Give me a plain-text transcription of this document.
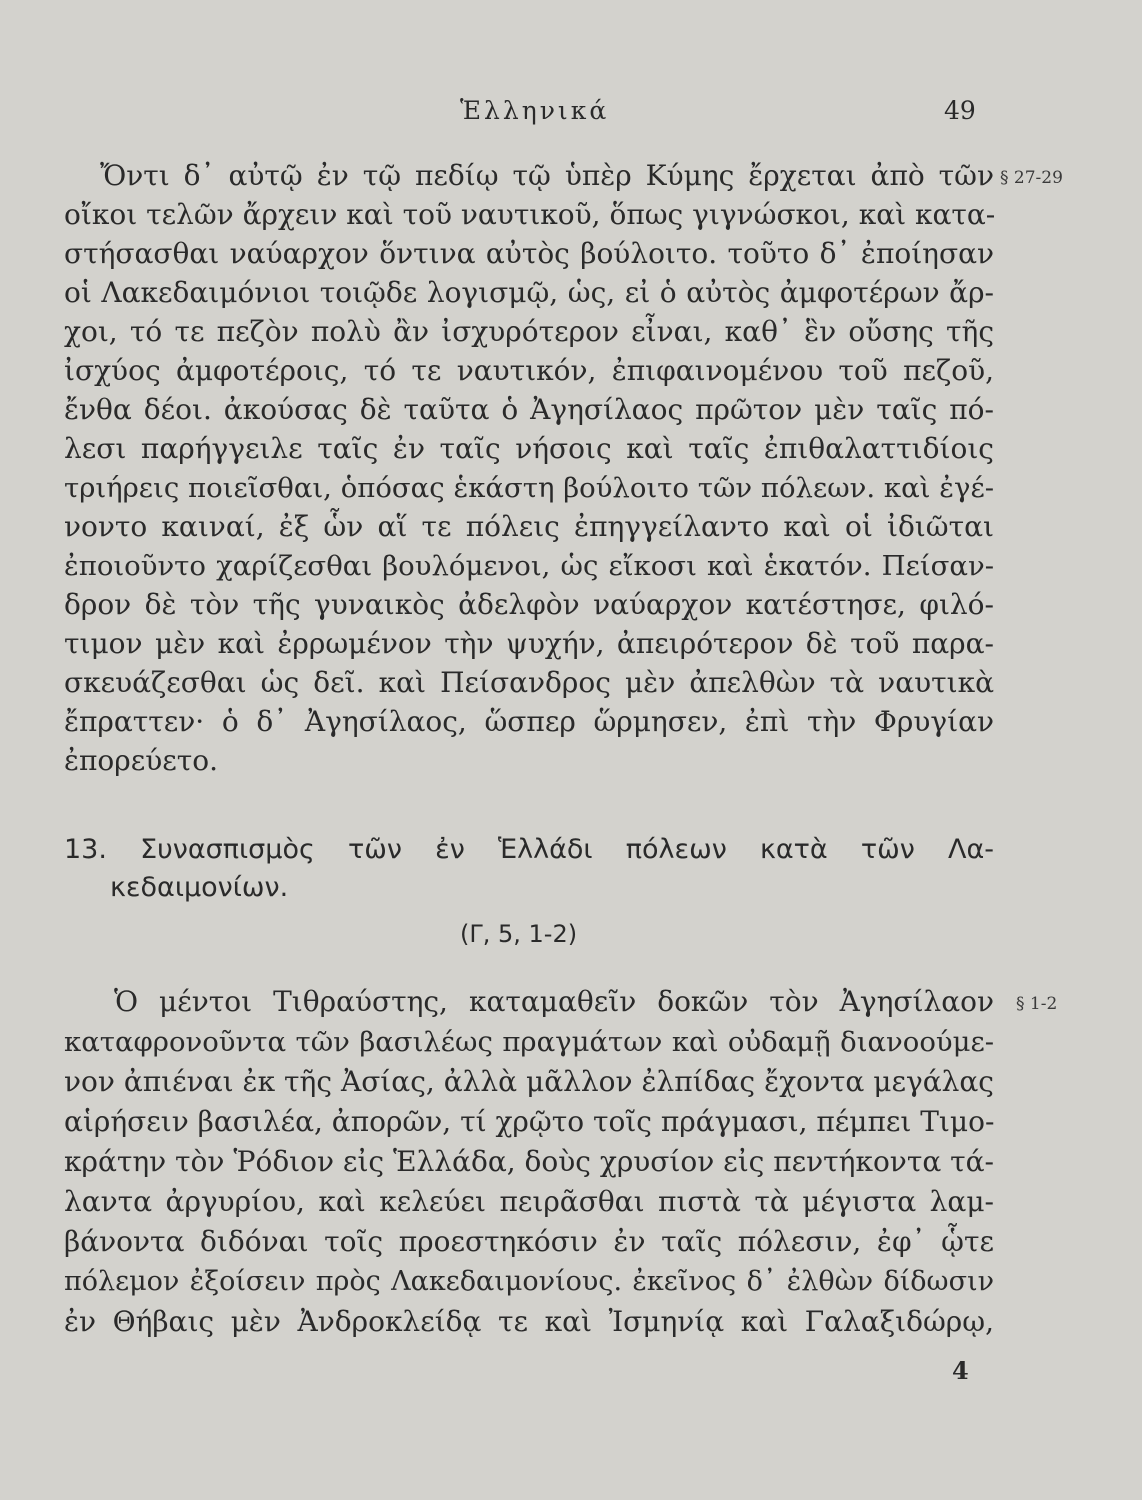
Ἑλληνικά	49
§ 27-29
Ὄντι δ᾽ αὐτῷ ἐν τῷ πεδίῳ τῷ ὑπὲρ Κύμης ἔρχεται ἀπὸ τῶν
οἴκοι τελῶν ἄρχειν καὶ τοῦ ναυτικοῦ, ὅπως γιγνώσκοι, καὶ κατα-
στήσασθαι ναύαρχον ὅντινα αὐτὸς βούλοιτο. τοῦτο δ᾽ ἐποίησαν
οἱ Λακεδαιμόνιοι τοιῷδε λογισμῷ, ὡς, εἰ ὁ αὐτὸς ἀμφοτέρων ἄρ-
χοι, τό τε πεζὸν πολὺ ἂν ἰσχυρότερον εἶναι, καθ᾽ ἓν οὔσης τῆς
ἰσχύος ἀμφοτέροις, τό τε ναυτικόν, ἐπιφαινομένου τοῦ πεζοῦ,
ἔνθα δέοι. ἀκούσας δὲ ταῦτα ὁ Ἀγησίλαος πρῶτον μὲν ταῖς πό-
λεσι παρήγγειλε ταῖς ἐν ταῖς νήσοις καὶ ταῖς ἐπιθαλαττιδίοις
τριήρεις ποιεῖσθαι, ὁπόσας ἑκάστη βούλοιτο τῶν πόλεων. καὶ ἐγέ-
νοντο καιναί, ἐξ ὧν αἵ τε πόλεις ἐπηγγείλαντο καὶ οἱ ἰδιῶται
ἐποιοῦντο χαρίζεσθαι βουλόμενοι, ὡς εἴκοσι καὶ ἑκατόν. Πείσαν-
δρον δὲ τὸν τῆς γυναικὸς ἀδελφὸν ναύαρχον κατέστησε, φιλό-
τιμον μὲν καὶ ἐρρωμένον τὴν ψυχήν, ἀπειρότερον δὲ τοῦ παρα-
σκευάζεσθαι ὡς δεῖ. καὶ Πείσανδρος μὲν ἀπελθὼν τὰ ναυτικὰ
ἔπραττεν· ὁ δ᾽ Ἀγησίλαος, ὥσπερ ὥρμησεν, ἐπὶ τὴν Φρυγίαν
ἐπορεύετο.
13. Συνασπισμὸς τῶν ἐν Ἑλλάδι πόλεων κατὰ τῶν Λα-
κεδαιμονίων.
(Γ, 5, 1-2)
§ 1-2
Ὁ μέντοι Τιθραύστης, καταμαθεῖν δοκῶν τὸν Ἀγησίλαον
καταφρονοῦντα τῶν βασιλέως πραγμάτων καὶ οὐδαμῇ διανοούμε-
νον ἀπιέναι ἐκ τῆς Ἀσίας, ἀλλὰ μᾶλλον ἐλπίδας ἔχοντα μεγάλας
αἱρήσειν βασιλέα, ἀπορῶν, τί χρῷτο τοῖς πράγμασι, πέμπει Τιμο-
κράτην τὸν Ῥόδιον εἰς Ἑλλάδα, δοὺς χρυσίον εἰς πεντήκοντα τά-
λαντα ἀργυρίου, καὶ κελεύει πειρᾶσθαι πιστὰ τὰ μέγιστα λαμ-
βάνοντα διδόναι τοῖς προεστηκόσιν ἐν ταῖς πόλεσιν, ἐφ᾽ ᾧτε
πόλεμον ἐξοίσειν πρὸς Λακεδαιμονίους. ἐκεῖνος δ᾽ ἐλθὼν δίδωσιν
ἐν Θήβαις μὲν Ἀνδροκλείδᾳ τε καὶ Ἰσμηνίᾳ καὶ Γαλαξιδώρῳ,
4
